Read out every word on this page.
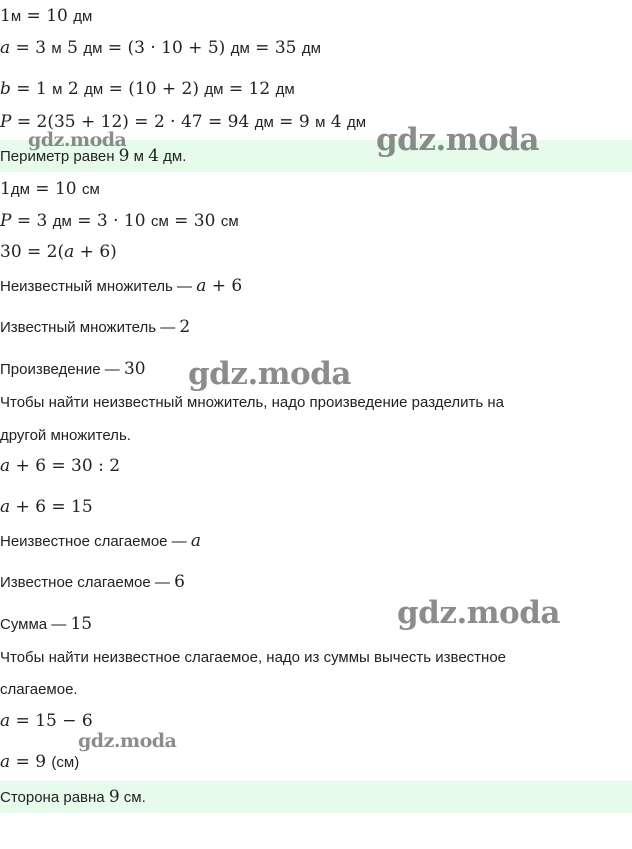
1м = 10 дм
a = 3 м 5 дм = (3 · 10 + 5) дм = 35 дм
b = 1 м 2 дм = (10 + 2) дм = 12 дм
P = 2(35 + 12) = 2 · 47 = 94 дм = 9 м 4 дм
Периметр равен 9 м 4 дм.
1дм = 10 см
P = 3 дм = 3 · 10 см = 30 см
30 = 2(a + 6)
Неизвестный множитель — a + 6
Известный множитель — 2
Произведение — 30
Чтобы найти неизвестный множитель, надо произведение разделить на
другой множитель.
a + 6 = 30 : 2
a + 6 = 15
Неизвестное слагаемое — a
Известное слагаемое — 6
Сумма — 15
Чтобы найти неизвестное слагаемое, надо из суммы вычесть известное
слагаемое.
a = 15 − 6
a = 9 (см)
Сторона равна 9 см.
gdz.moda	gdz.moda
gdz.moda
gdz.moda
gdz.moda
